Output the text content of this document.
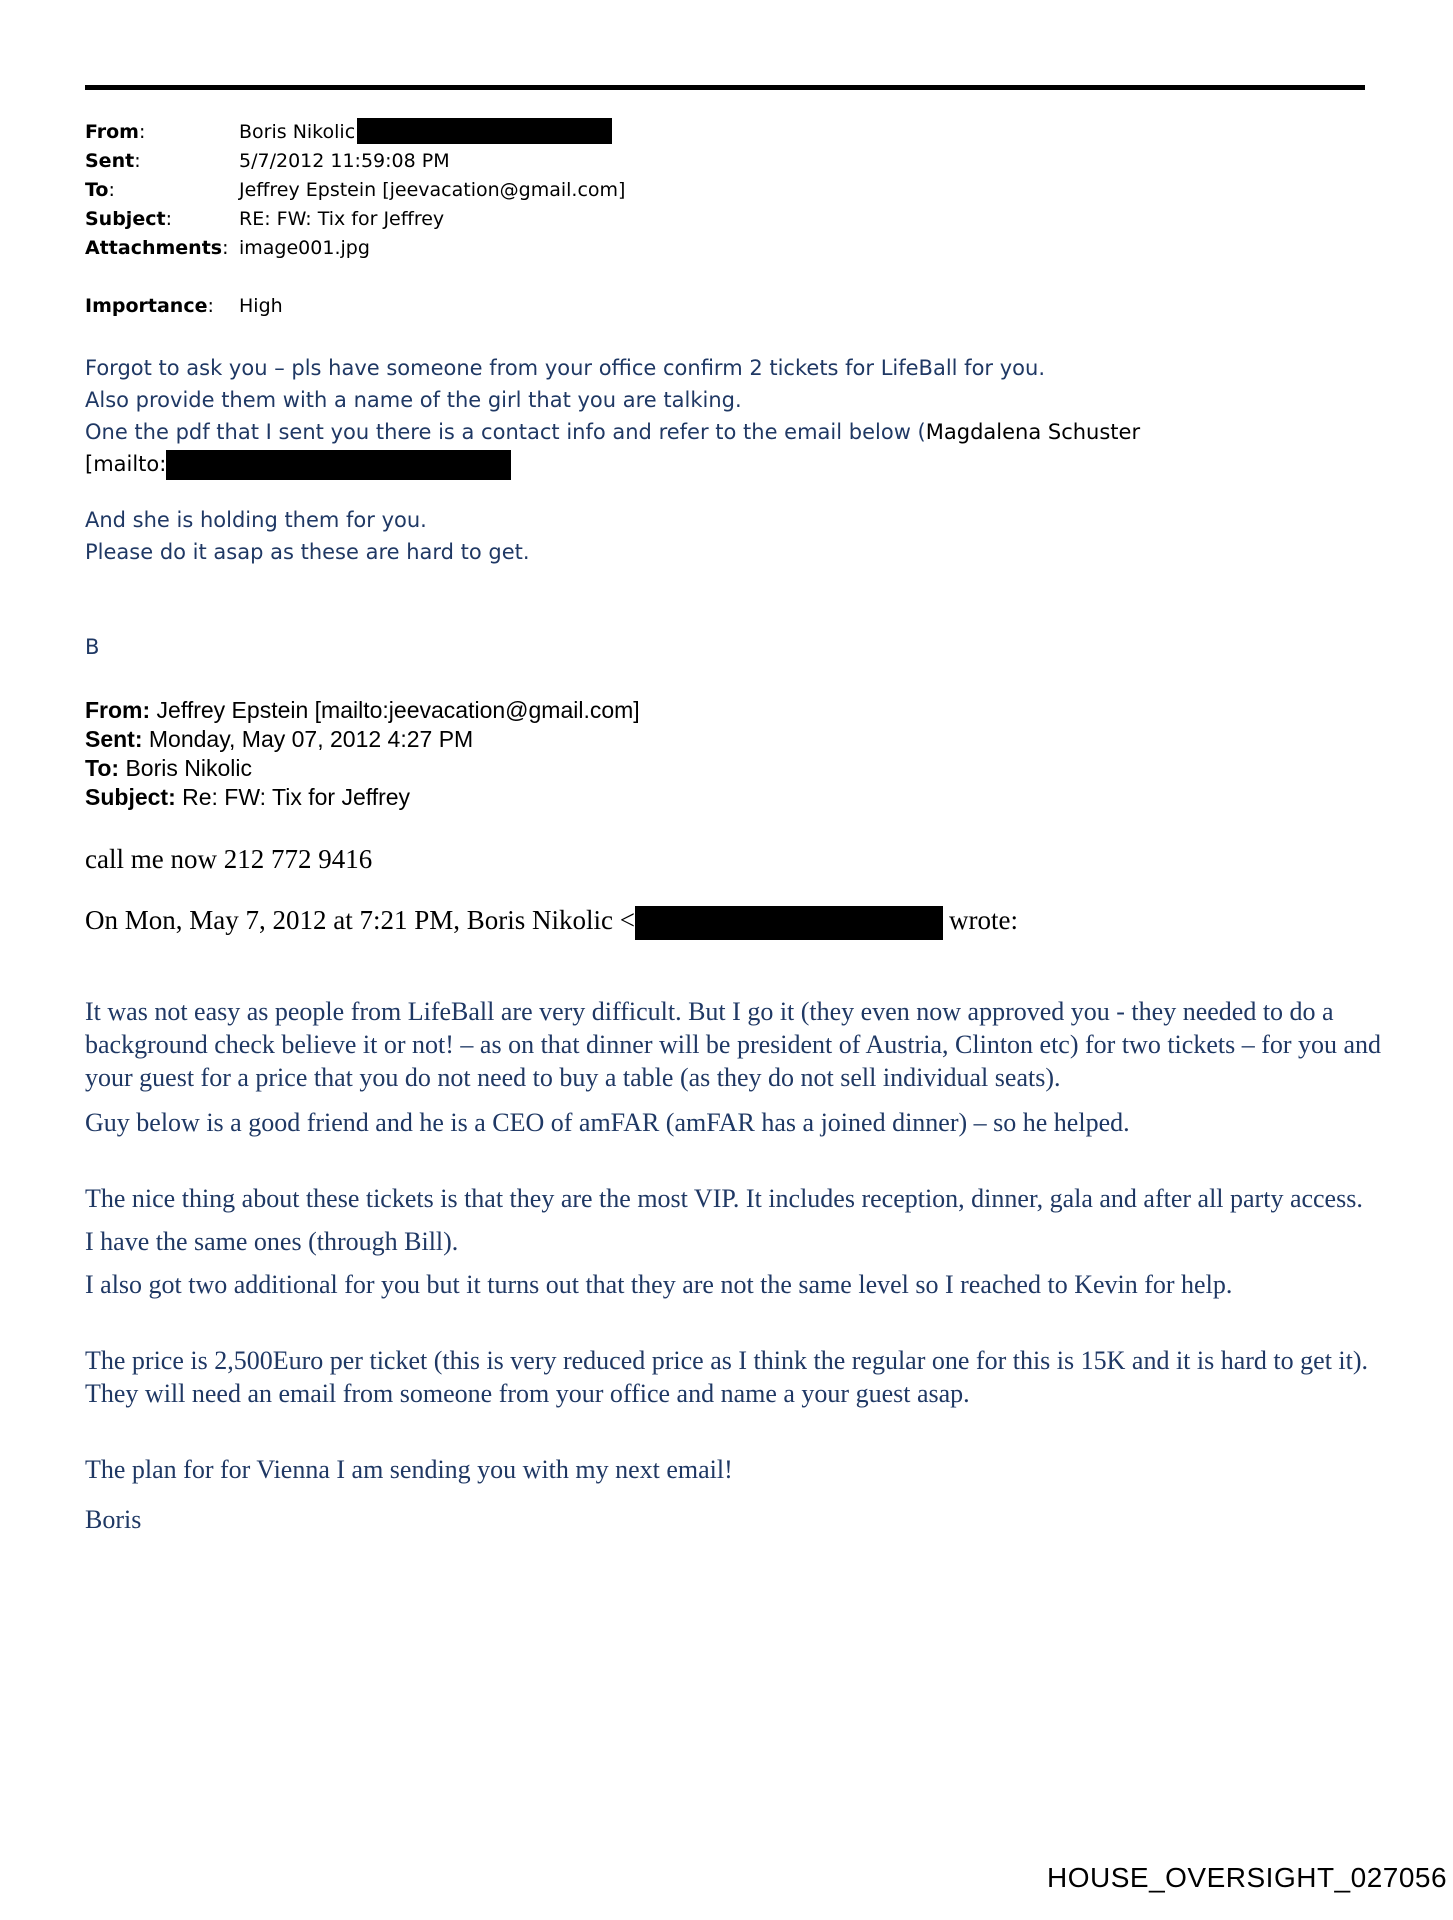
From:	Boris Nikolic
Sent:	5/7/2012 11:59:08 PM
To:	Jeffrey Epstein [jeevacation@gmail.com]
Subject:	RE: FW: Tix for Jeffrey
Attachments: image001.jpg
Importance:	High

Forgot to ask you – pls have someone from your office confirm 2 tickets for LifeBall for you.

Also provide them with a name of the girl that you are talking.

One the pdf that I sent you there is a contact info and refer to the email below (Magdalena Schuster

[mailto:

And she is holding them for you.

Please do it asap as these are hard to get.

B
From: Jeffrey Epstein [mailto:jeevacation@gmail.com]
Sent: Monday, May 07, 2012 4:27 PM
To: Boris Nikolic
Subject: Re: FW: Tix for Jeffrey
call me now 212 772 9416
On Mon, May 7, 2012 at 7:21 PM, Boris Nikolic <	wrote:

It was not easy as people from LifeBall are very difficult. But I go it (they even now approved you - they needed to do a background check believe it or not! – as on that dinner will be president of Austria, Clinton etc) for two tickets – for you and your guest for a price that you do not need to buy a table (as they do not sell individual seats).

Guy below is a good friend and he is a CEO of amFAR (amFAR has a joined dinner) – so he helped.

The nice thing about these tickets is that they are the most VIP. It includes reception, dinner, gala and after all party access.

I have the same ones (through Bill).

I also got two additional for you but it turns out that they are not the same level so I reached to Kevin for help.

The price is 2,500Euro per ticket (this is very reduced price as I think the regular one for this is 15K and it is hard to get it). They will need an email from someone from your office and name a your guest asap.

The plan for for Vienna I am sending you with my next email!

Boris

HOUSE_OVERSIGHT_027056
